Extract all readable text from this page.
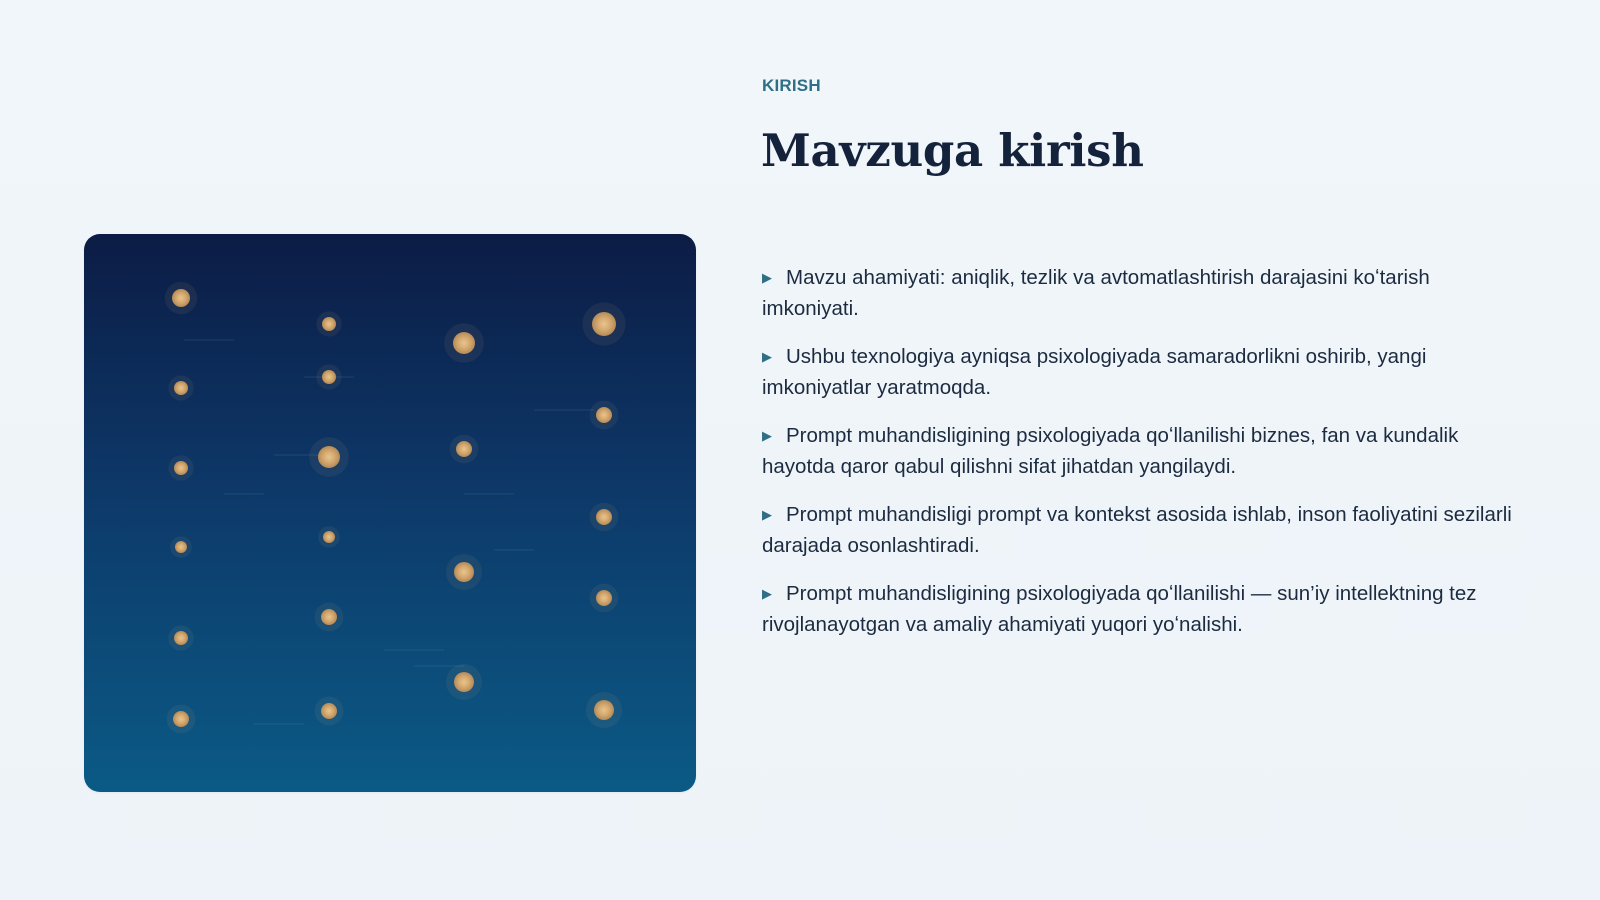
KIRISH
Mavzuga kirish
▶ Mavzu ahamiyati: aniqlik, tezlik va avtomatlashtirish darajasini koʻtarish imkoniyati.
▶ Ushbu texnologiya ayniqsa psixologiyada samaradorlikni oshirib, yangi imkoniyatlar yaratmoqda.
▶ Prompt muhandisligining psixologiyada qoʻllanilishi biznes, fan va kundalik hayotda qaror qabul qilishni sifat jihatdan yangilaydi.
▶ Prompt muhandisligi prompt va kontekst asosida ishlab, inson faoliyatini sezilarli darajada osonlashtiradi.
▶ Prompt muhandisligining psixologiyada qoʻllanilishi — sun’iy intellektning tez rivojlanayotgan va amaliy ahamiyati yuqori yoʻnalishi.
